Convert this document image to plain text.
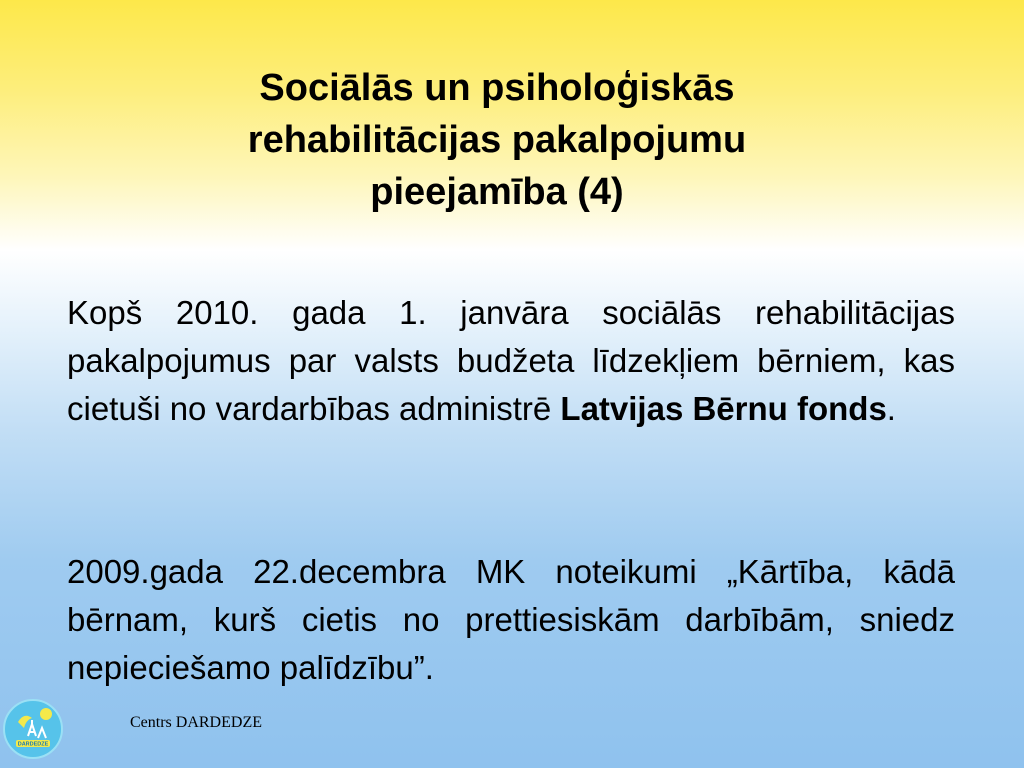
Sociālās un psiholoģiskās
rehabilitācijas pakalpojumu
pieejamība (4)
Kopš 2010. gada 1. janvāra sociālās rehabilitācijas pakalpojumus par valsts budžeta līdzekļiem bērniem, kas cietuši no vardarbības administrē Latvijas Bērnu fonds.
2009.gada 22.decembra MK noteikumi „Kārtība, kādā bērnam, kurš cietis no prettiesiskām darbībām, sniedz nepieciešamo palīdzību”.
DARDEDZE
Centrs DARDEDZE
